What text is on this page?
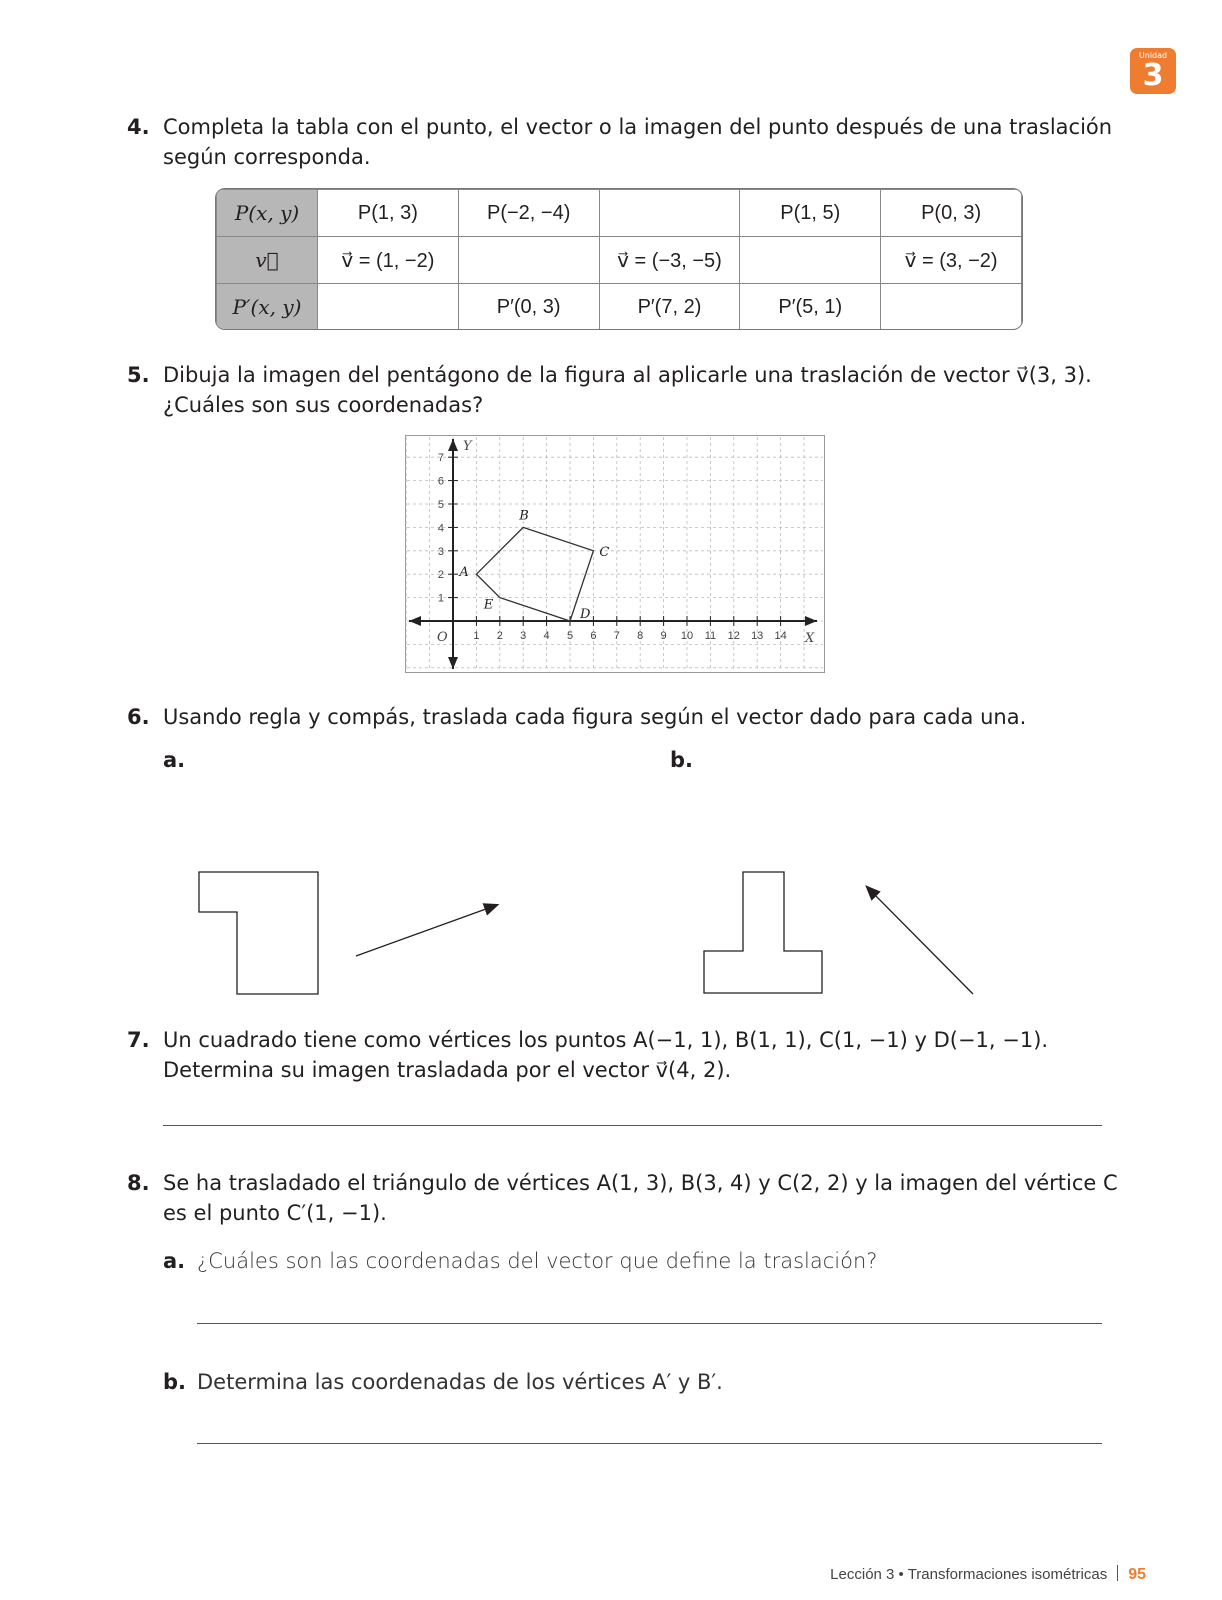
Unidad
3
4. Completa la tabla con el punto, el vector o la imagen del punto después de una traslación
según corresponda.
P(x, y)	P(1, 3)	P(−2, −4)		P(1, 5)	P(0, 3)
v⃗	v⃗ = (1, −2)		v⃗ = (−3, −5)		v⃗ = (3, −2)
P′(x, y)		P′(0, 3)	P′(7, 2)	P′(5, 1)	
5. Dibuja la imagen del pentágono de la figura al aplicarle una traslación de vector v⃗(3, 3).
¿Cuáles son sus coordenadas?
1 2 3 4 5 6 7 8 9 10 11 12 13 14
1
2
3
4
5
6
7
O	X
Y
A
B
C
D
E
6. Usando regla y compás, traslada cada figura según el vector dado para cada una.
a.	b.
7. Un cuadrado tiene como vértices los puntos A(−1, 1), B(1, 1), C(1, −1) y D(−1, −1).
Determina su imagen trasladada por el vector v⃗(4, 2).
8. Se ha trasladado el triángulo de vértices A(1, 3), B(3, 4) y C(2, 2) y la imagen del vértice C
es el punto C′(1, −1).
a. ¿Cuáles son las coordenadas del vector que define la traslación?
b. Determina las coordenadas de los vértices A′ y B′.
Lección 3 • Transformaciones isométricas 95
